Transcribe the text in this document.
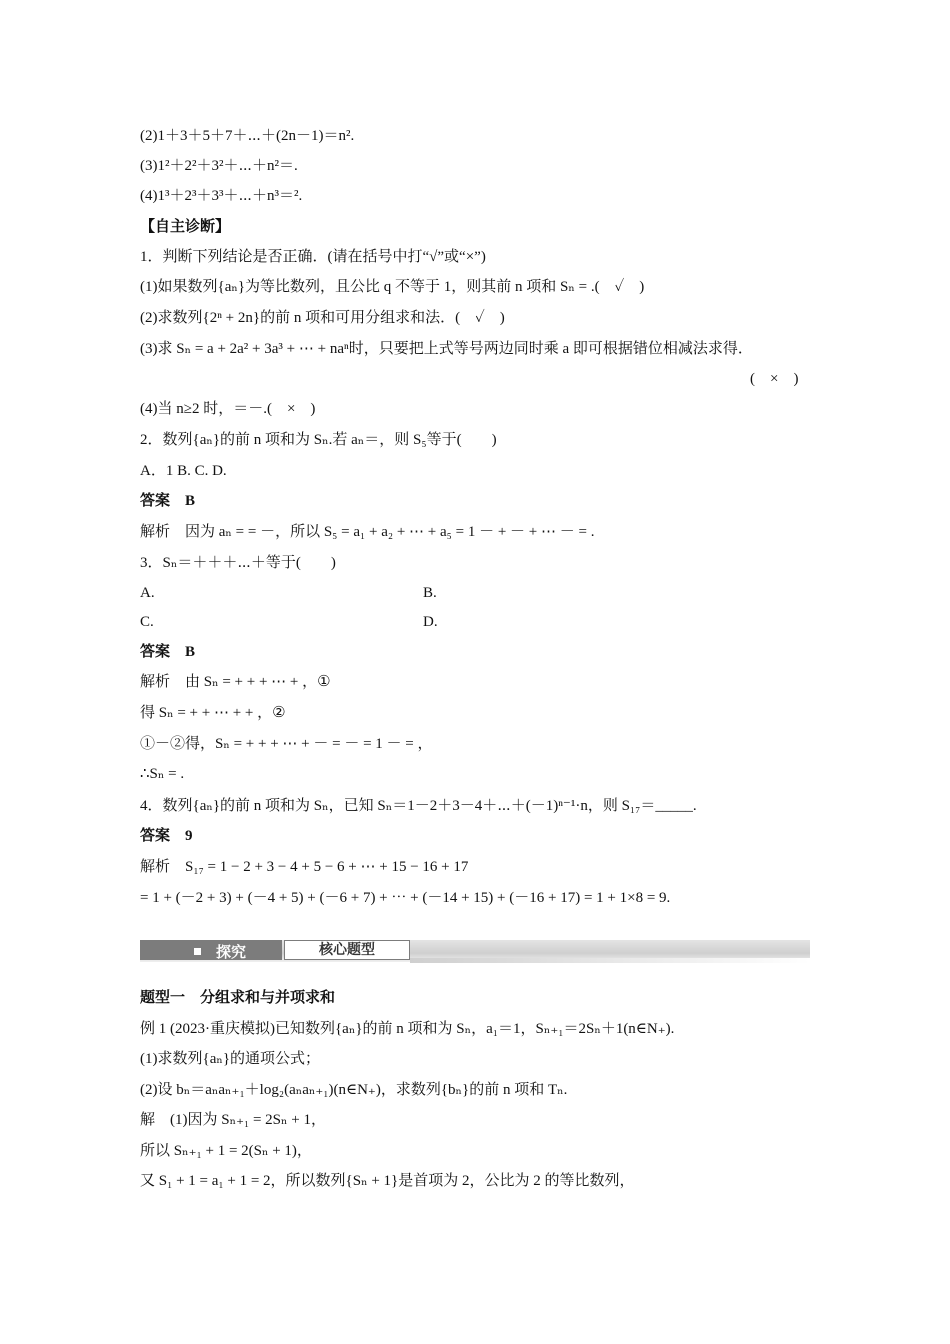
(2)1＋3＋5＋7＋⋯＋(2n－1)＝n².
(3)1²＋2²＋3²＋⋯＋n²＝.
(4)1³＋2³＋3³＋⋯＋n³＝².
【自主诊断】
1．判断下列结论是否正确．(请在括号中打“√”或“×”)
(1)如果数列{aₙ}为等比数列，且公比 q 不等于 1，则其前 n 项和 Sₙ = .(　✓　)
(2)求数列{2ⁿ + 2n}的前 n 项和可用分组求和法．(　✓　)
(3)求 Sₙ = a + 2a² + 3a³ + ⋯ + naⁿ时，只要把上式等号两边同时乘 a 即可根据错位相减法求得．
(　×　)
(4)当 n≥2 时，＝－.(　×　)
2．数列{aₙ}的前 n 项和为 Sₙ.若 aₙ＝，则 S₅等于(　　)
A．1 B. C. D.
答案　B
解析　因为 aₙ = = －，所以 S₅ = a₁ + a₂ + ⋯ + a₅ = 1 － + － + ⋯ － = .
3．Sₙ＝＋＋＋⋯＋等于(　　)
A.	B.
C.	D.
答案　B
解析　由 Sₙ = + + + ⋯ + ，①
得 Sₙ = + + ⋯ + + ，②
①－②得，Sₙ = + + + ⋯ + － = － = 1 － = ，
∴Sₙ = .
4．数列{aₙ}的前 n 项和为 Sₙ，已知 Sₙ＝1－2＋3－4＋⋯＋(－1)ⁿ⁻¹·n，则 S₁₇＝_____.
答案　9
解析　S₁₇ = 1 − 2 + 3 − 4 + 5 − 6 + ⋯ + 15 − 16 + 17
= 1 + (－2 + 3) + (－4 + 5) + (－6 + 7) + ⋯ + (－14 + 15) + (－16 + 17) = 1 + 1×8 = 9.
探究	核心题型
题型一　分组求和与并项求和
例 1 (2023·重庆模拟)已知数列{aₙ}的前 n 项和为 Sₙ，a₁＝1，Sₙ₊₁＝2Sₙ＋1(n∈N₊).
(1)求数列{aₙ}的通项公式；
(2)设 bₙ＝aₙaₙ₊₁＋log₂(aₙaₙ₊₁)(n∈N₊)，求数列{bₙ}的前 n 项和 Tₙ.
解　(1)因为 Sₙ₊₁ = 2Sₙ + 1，
所以 Sₙ₊₁ + 1 = 2(Sₙ + 1)，
又 S₁ + 1 = a₁ + 1 = 2，所以数列{Sₙ + 1}是首项为 2，公比为 2 的等比数列，
